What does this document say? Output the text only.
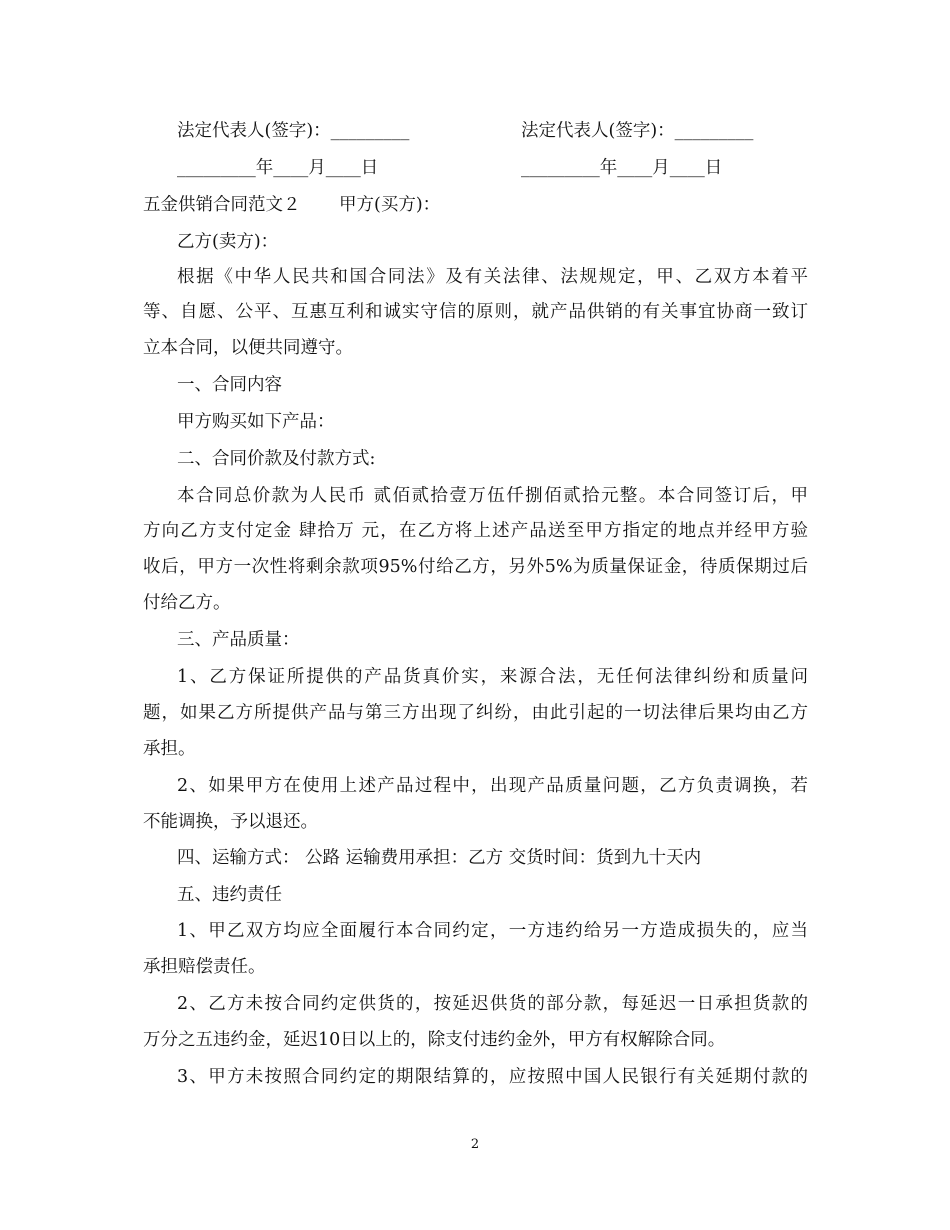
法定代表人(签字)：_________	法定代表人(签字)：_________
_________年____月____日	_________年____月____日
五金供销合同范文２ 甲方(买方)：
乙方(卖方)：
根据《中华人民共和国合同法》及有关法律、法规规定，甲、乙双方本着平
等、自愿、公平、互惠互利和诚实守信的原则，就产品供销的有关事宜协商一致订
立本合同，以便共同遵守。
一、合同内容
甲方购买如下产品：
二、合同价款及付款方式:
本合同总价款为人民币 贰佰贰拾壹万伍仟捌佰贰拾元整。本合同签订后，甲
方向乙方支付定金 肆拾万 元，在乙方将上述产品送至甲方指定的地点并经甲方验
收后，甲方一次性将剩余款项95%付给乙方，另外5%为质量保证金，待质保期过后
付给乙方。
三、产品质量：
1、乙方保证所提供的产品货真价实，来源合法，无任何法律纠纷和质量问
题，如果乙方所提供产品与第三方出现了纠纷，由此引起的一切法律后果均由乙方
承担。
2、如果甲方在使用上述产品过程中，出现产品质量问题，乙方负责调换，若
不能调换，予以退还。
四、运输方式： 公路 运输费用承担：乙方 交货时间：货到九十天内
五、违约责任
1、甲乙双方均应全面履行本合同约定，一方违约给另一方造成损失的，应当
承担赔偿责任。
2、乙方未按合同约定供货的，按延迟供货的部分款，每延迟一日承担货款的
万分之五违约金，延迟10日以上的，除支付违约金外，甲方有权解除合同。
3、甲方未按照合同约定的期限结算的，应按照中国人民银行有关延期付款的
2
